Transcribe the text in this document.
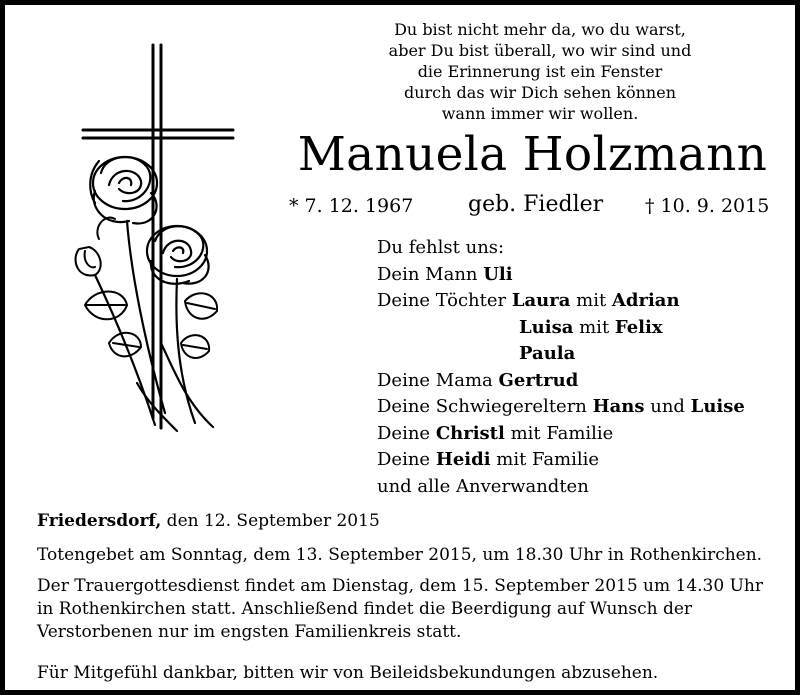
Du bist nicht mehr da, wo du warst,
aber Du bist überall, wo wir sind und
die Erinnerung ist ein Fenster
durch das wir Dich sehen können
wann immer wir wollen.
Manuela Holzmann
* 7. 12. 1967 geb. Fiedler † 10. 9. 2015
Du fehlst uns:
Dein Mann Uli
Deine Töchter Laura mit Adrian
Luisa mit Felix
Paula
Deine Mama Gertrud
Deine Schwiegereltern Hans und Luise
Deine Christl mit Familie
Deine Heidi mit Familie
und alle Anverwandten
Friedersdorf, den 12. September 2015
Totengebet am Sonntag, dem 13. September 2015, um 18.30 Uhr in Rothenkirchen.
Der Trauergottesdienst findet am Dienstag, dem 15. September 2015 um 14.30 Uhr in Rothenkirchen statt. Anschließend findet die Beerdigung auf Wunsch der Verstorbenen nur im engsten Familienkreis statt.
Für Mitgefühl dankbar, bitten wir von Beileidsbekundungen abzusehen.
